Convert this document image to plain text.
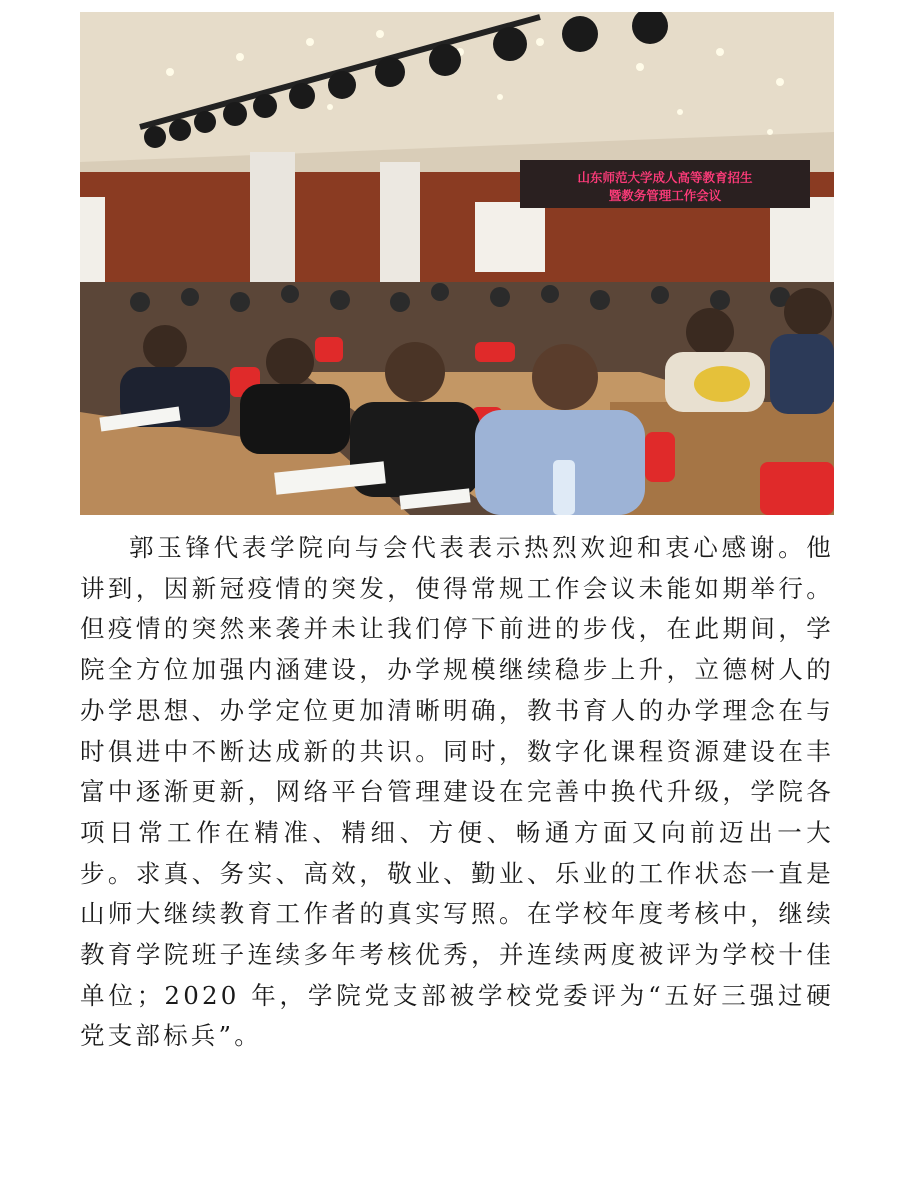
山东师范大学成人高等教育招生
暨教务管理工作会议

郭玉锋代表学院向与会代表表示热烈欢迎和衷心感谢。他讲到，因新冠疫情的突发，使得常规工作会议未能如期举行。但疫情的突然来袭并未让我们停下前进的步伐，在此期间，学院全方位加强内涵建设，办学规模继续稳步上升，立德树人的办学思想、办学定位更加清晰明确，教书育人的办学理念在与时俱进中不断达成新的共识。同时，数字化课程资源建设在丰富中逐渐更新，网络平台管理建设在完善中换代升级，学院各项日常工作在精准、精细、方便、畅通方面又向前迈出一大步。求真、务实、高效，敬业、勤业、乐业的工作状态一直是山师大继续教育工作者的真实写照。在学校年度考核中，继续教育学院班子连续多年考核优秀，并连续两度被评为学校十佳单位；2020 年，学院党支部被学校党委评为“五好三强过硬党支部标兵”。
